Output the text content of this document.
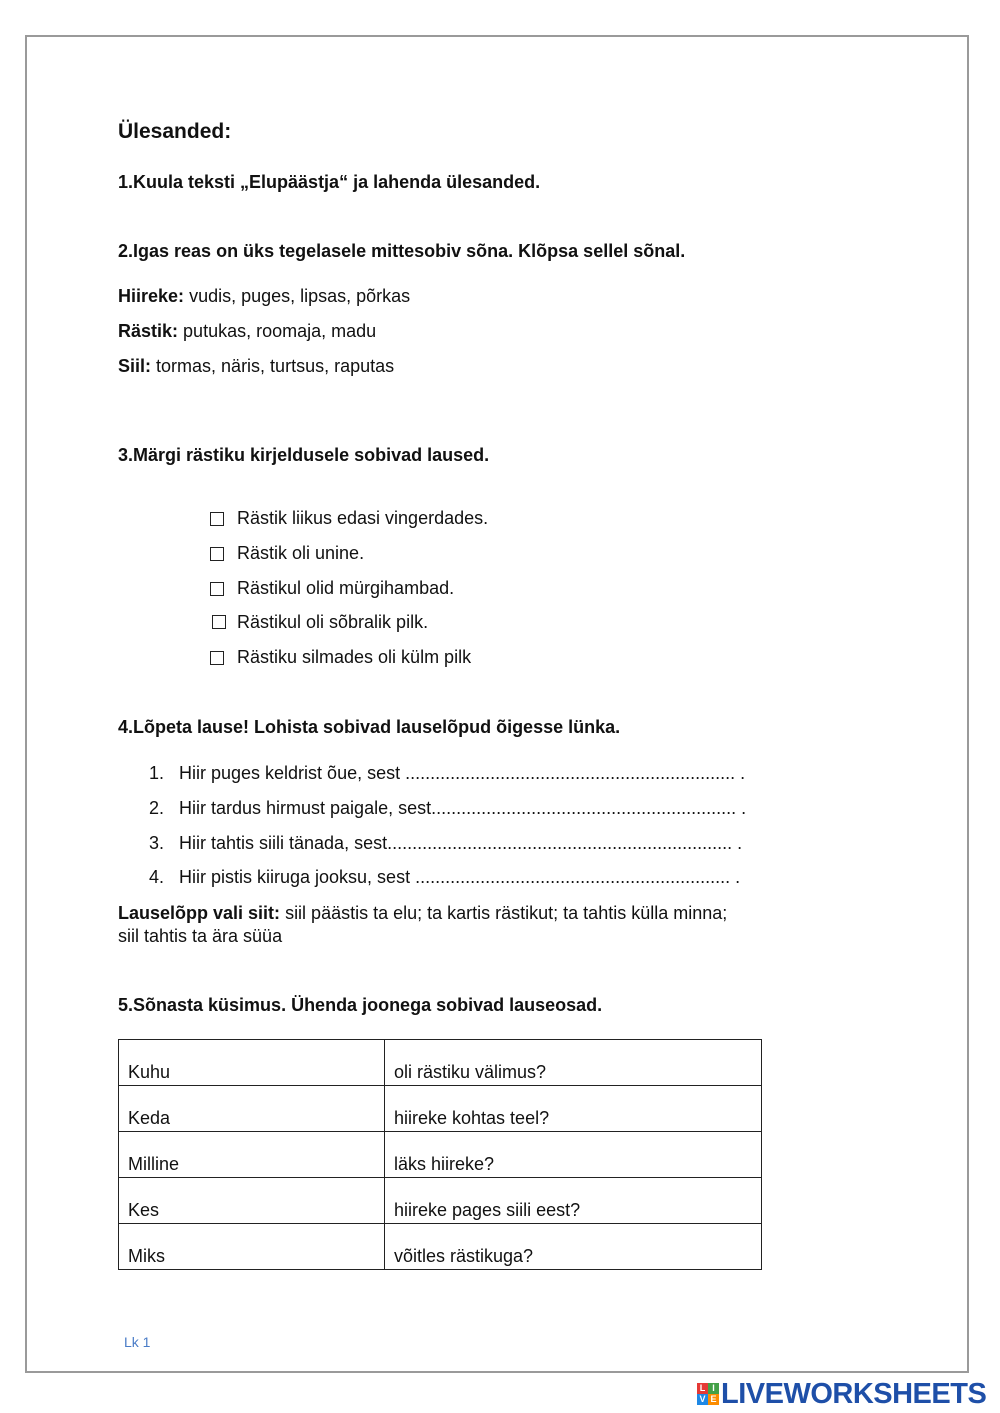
Ülesanded:
1.Kuula teksti „Elupäästja“ ja lahenda ülesanded.
2.Igas reas on üks tegelasele mittesobiv sõna. Klõpsa sellel sõnal.
Hiireke: vudis, puges, lipsas, põrkas
Rästik: putukas, roomaja, madu
Siil: tormas, näris, turtsus, raputas
3.Märgi rästiku kirjeldusele sobivad laused.
Rästik liikus edasi vingerdades.
Rästik oli unine.
Rästikul olid mürgihambad.
Rästikul oli sõbralik pilk.
Rästiku silmades oli külm pilk
4.Lõpeta lause! Lohista sobivad lauselõpud õigesse lünka.
1. Hiir puges keldrist õue, sest .................................................................. .
2. Hiir tardus hirmust paigale, sest............................................................. .
3. Hiir tahtis siili tänada, sest..................................................................... .
4. Hiir pistis kiiruga jooksu, sest ............................................................... .
Lauselõpp vali siit: siil päästis ta elu; ta kartis rästikut; ta tahtis külla minna;
siil tahtis ta ära süüa
5.Sõnasta küsimus. Ühenda joonega sobivad lauseosad.
Kuhu	oli rästiku välimus?
Keda	hiireke kohtas teel?
Milline	läks hiireke?
Kes	hiireke pages siili eest?
Miks	võitles rästikuga?
Lk 1
L I
V E LIVEWORKSHEETS
